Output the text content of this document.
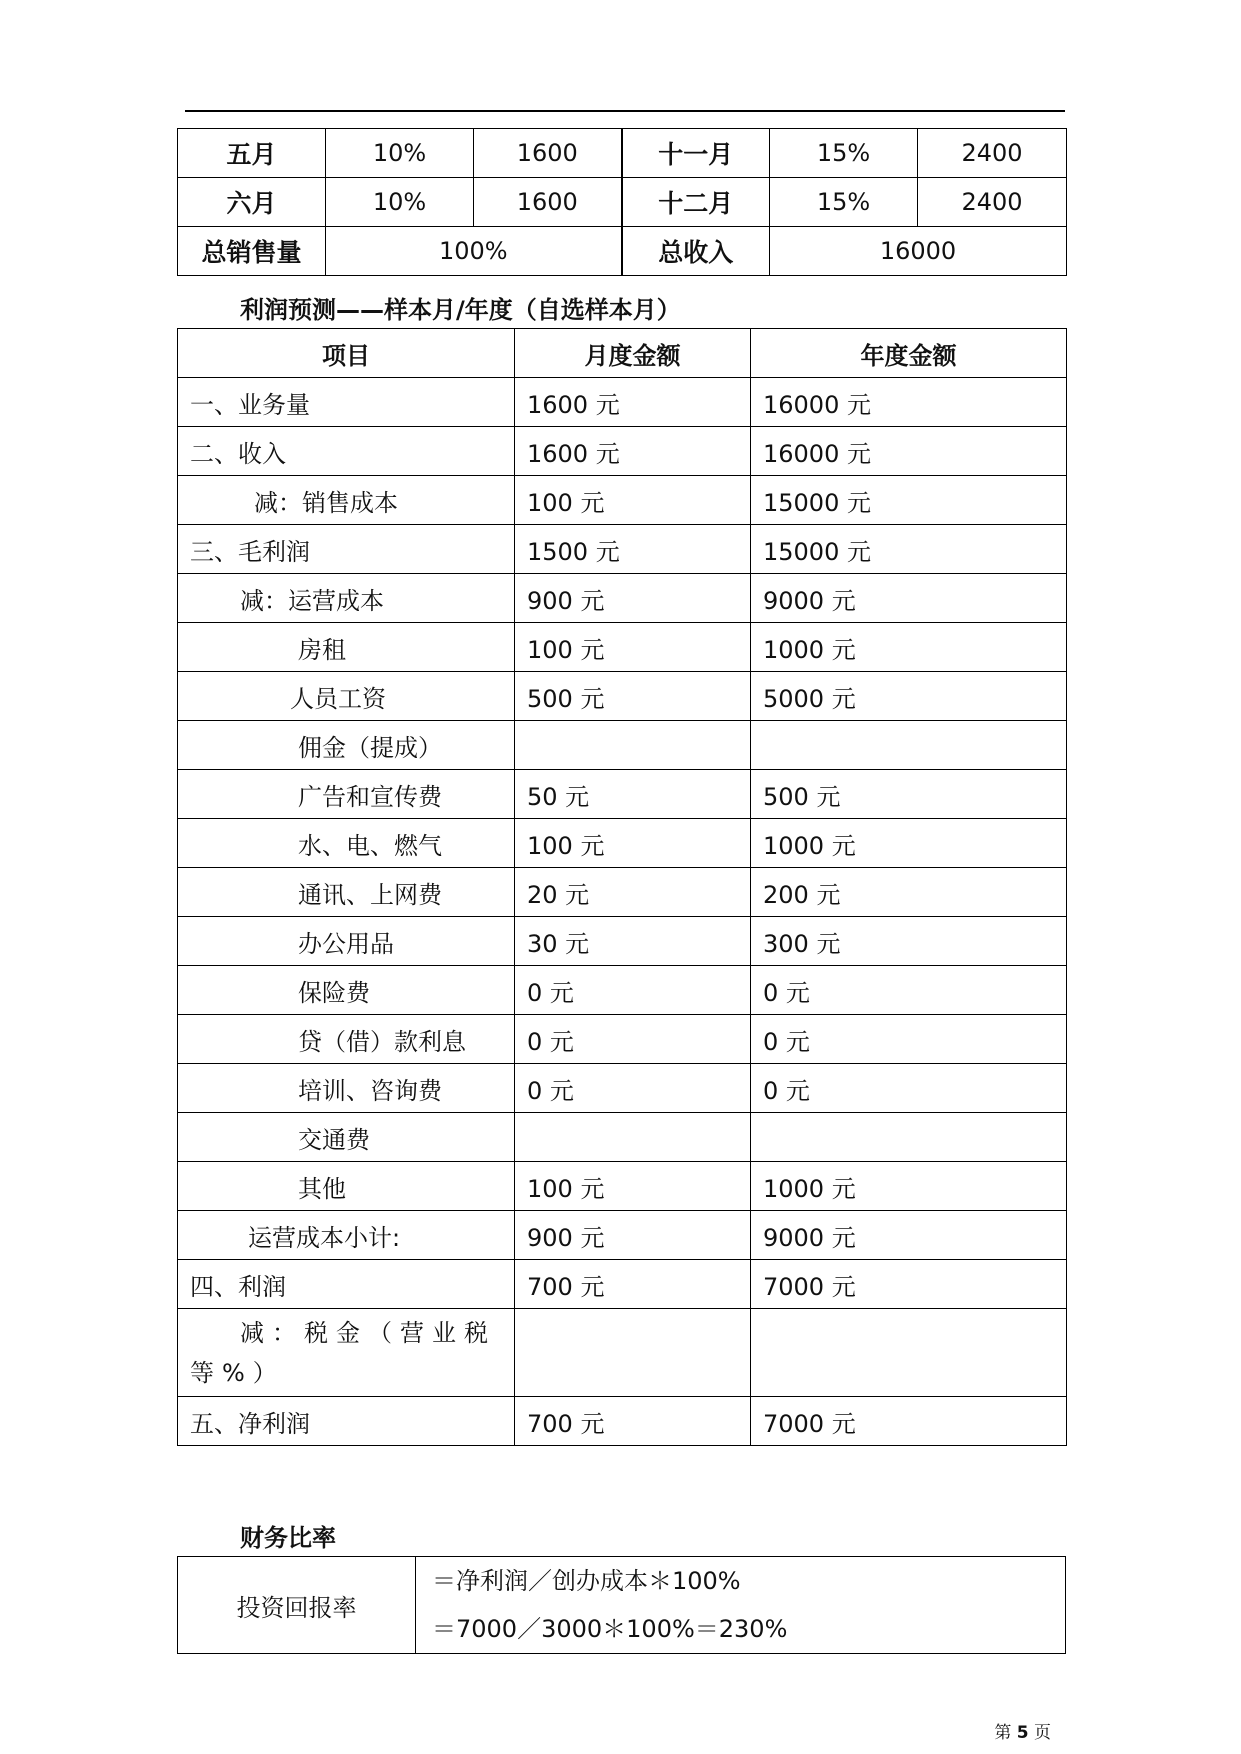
五月	10%	1600	十一月	15%	2400
六月	10%	1600	十二月	15%	2400
总销售量	100%		总收入	16000	
利润预测——样本月/年度（自选样本月）
项目	月度金额	年度金额
一、业务量	1600 元	16000 元
二、收入	1600 元	16000 元
减：销售成本	100 元	15000 元
三、毛利润	1500 元	15000 元
减：运营成本	900 元	9000 元
房租	100 元	1000 元
人员工资	500 元	5000 元
佣金（提成）		
广告和宣传费	50 元	500 元
水、电、燃气	100 元	1000 元
通讯、上网费	20 元	200 元
办公用品	30 元	300 元
保险费	0 元	0 元
贷（借）款利息	0 元	0 元
培训、咨询费	0 元	0 元
交通费		
其他	100 元	1000 元
运营成本小计:	900 元	9000 元
四、利润	700 元	7000 元

减：税金（营业税等%）		

五、净利润	700 元	7000 元
财务比率
投资回报率	
＝净利润／创办成本＊100%
＝7000／3000＊100%＝230%
第 5 页
